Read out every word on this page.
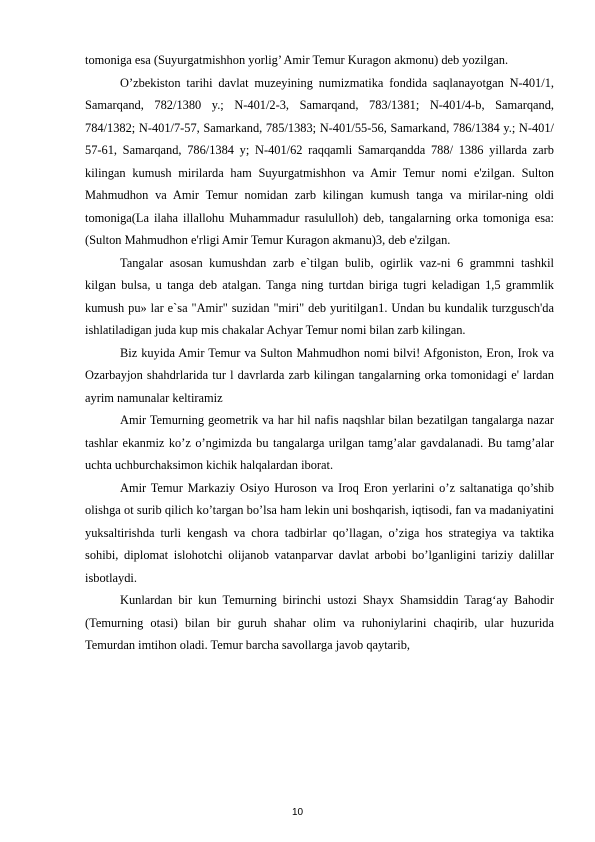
tomoniga esa (Suyurgatmishhon yorlig’ Amir Temur Kuragon akmonu) deb yozilgan.

O’zbekiston tarihi davlat muzeyining numizmatika fondida saqlanayotgan N-401/1, Samarqand, 782/1380 y.; N-401/2-3, Samarqand, 783/1381; N-401/4-b, Samarqand, 784/1382; N-401/7-57, Samarkand, 785/1383; N-401/55-56, Samarkand, 786/1384 y.; N-401/ 57-61, Samarqand, 786/1384 y; N-401/62 raqqamli Samarqandda 788/ 1386 yillarda zarb kilingan kumush mirilarda ham Suyurgatmishhon va Amir Temur nomi e'zilgan. Sulton Mahmudhon va Amir Temur nomidan zarb kilingan kumush tanga va mirilar-ning oldi tomoniga(La ilaha illallohu Muhammadur rasululloh) deb, tangalarning orka tomoniga esa: (Sulton Mahmudhon e'rligi Amir Temur Kuragon akmanu)3, deb e'zilgan.

Tangalar asosan kumushdan zarb e`tilgan bulib, ogirlik vaz-ni 6 grammni tashkil kilgan bulsa, u tanga deb atalgan. Tanga ning turtdan biriga tugri keladigan 1,5 grammlik kumush pu» lar e`sa "Amir" suzidan "miri" deb yuritilgan1. Undan bu kundalik turzgusch'da ishlatiladigan juda kup mis chakalar Achyar Temur nomi bilan zarb kilingan.

Biz kuyida Amir Temur va Sulton Mahmudhon nomi bilvi! Afgoniston, Eron, Irok va Ozarbayjon shahdrlarida tur l davrlarda zarb kilingan tangalarning orka tomonidagi e' lardan ayrim namunalar keltiramiz

Amir Temurning geometrik va har hil nafis naqshlar bilan bezatilgan tangalarga nazar tashlar ekanmiz ko’z o’ngimizda bu tangalarga urilgan tamg’alar gavdalanadi. Bu tamg’alar uchta uchburchaksimon kichik halqalardan iborat.

Amir Temur Markaziy Osiyo Huroson va Iroq Eron yerlarini o’z saltanatiga qo’shib olishga ot surib qilich ko’targan bo’lsa ham lekin uni boshqarish, iqtisodi, fan va madaniyatini yuksaltirishda turli kengash va chora tadbirlar qo’llagan, o’ziga hos strategiya va taktika sohibi, diplomat islohotchi olijanob vatanparvar davlat arbobi bo’lganligini tariziy dalillar isbotlaydi.

Kunlardan bir kun Temurning birinchi ustozi Shayx Shamsiddin Tarag‘ay Bahodir (Temurning otasi) bilan bir guruh shahar olim va ruhoniylarini chaqirib, ular huzurida Temurdan imtihon oladi. Temur barcha savollarga javob qaytarib,

10
